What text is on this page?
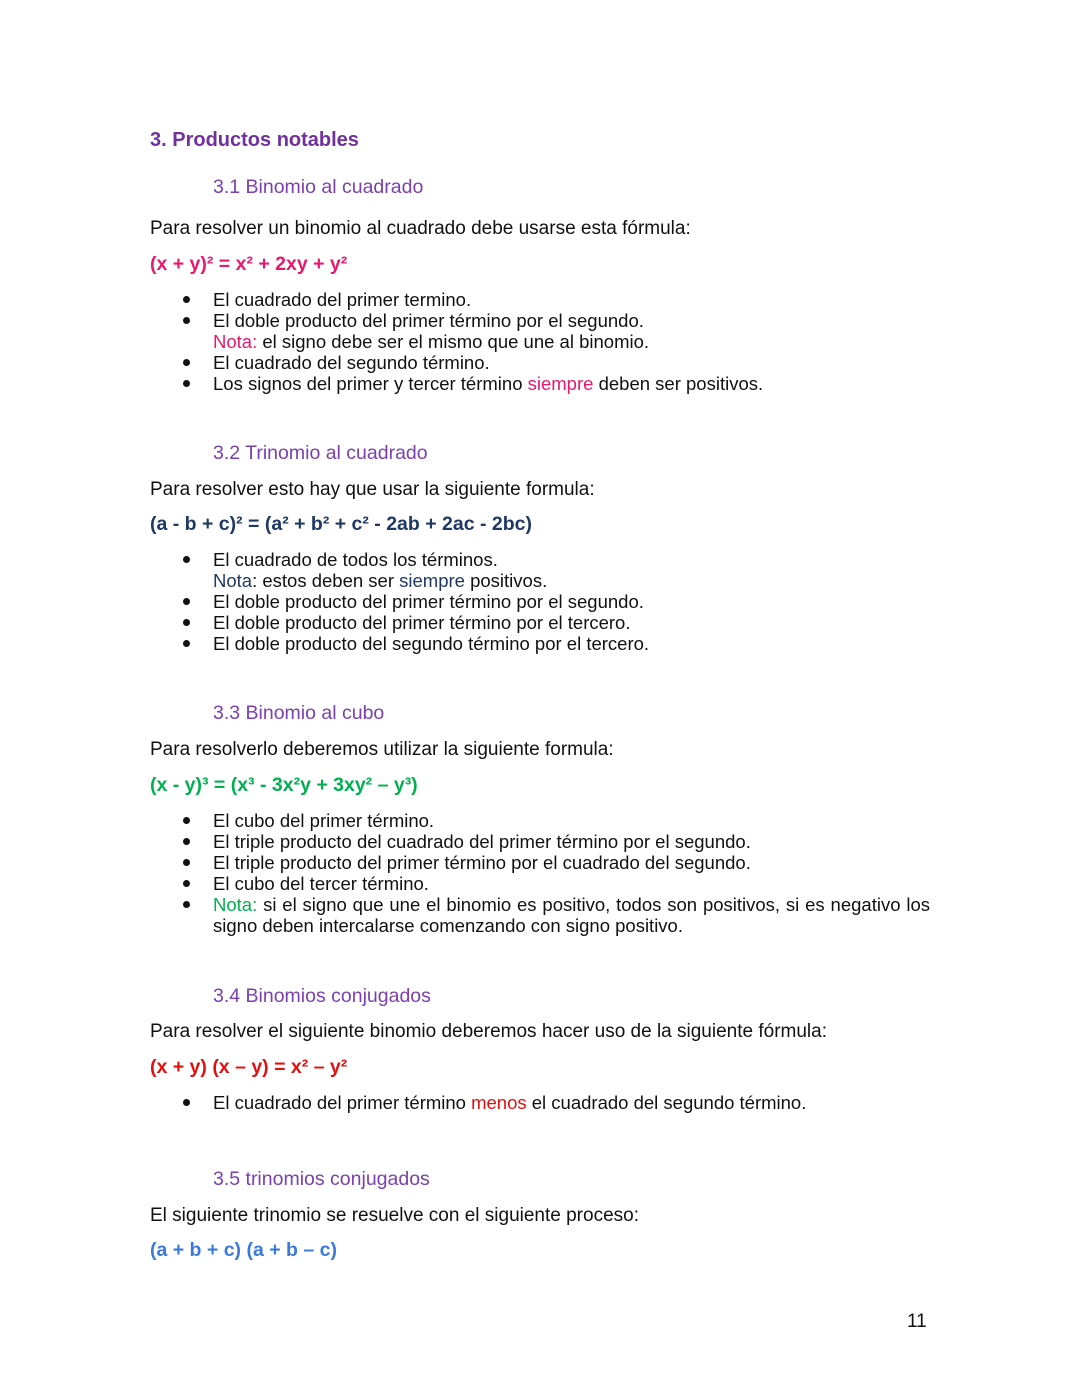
3. Productos notables
3.1 Binomio al cuadrado
Para resolver un binomio al cuadrado debe usarse esta fórmula:
(x + y)² = x² + 2xy + y²
El cuadrado del primer termino.
El doble producto del primer término por el segundo.
Nota: el signo debe ser el mismo que une al binomio.
El cuadrado del segundo término.
Los signos del primer y tercer término siempre deben ser positivos.
3.2 Trinomio al cuadrado
Para resolver esto hay que usar la siguiente formula:
(a - b + c)² = (a² + b² + c² - 2ab + 2ac - 2bc)
El cuadrado de todos los términos.
Nota: estos deben ser siempre positivos.
El doble producto del primer término por el segundo.
El doble producto del primer término por el tercero.
El doble producto del segundo término por el tercero.
3.3 Binomio al cubo
Para resolverlo deberemos utilizar la siguiente formula:
(x - y)³ = (x³ - 3x²y + 3xy² – y³)
El cubo del primer término.
El triple producto del cuadrado del primer término por el segundo.
El triple producto del primer término por el cuadrado del segundo.
El cubo del tercer término.
Nota: si el signo que une el binomio es positivo, todos son positivos, si es negativo los signo deben intercalarse comenzando con signo positivo.
3.4 Binomios conjugados
Para resolver el siguiente binomio deberemos hacer uso de la siguiente fórmula:
(x + y) (x – y) = x² – y²
El cuadrado del primer término menos el cuadrado del segundo término.
3.5 trinomios conjugados
El siguiente trinomio se resuelve con el siguiente proceso:
(a + b + c) (a + b – c)
11
